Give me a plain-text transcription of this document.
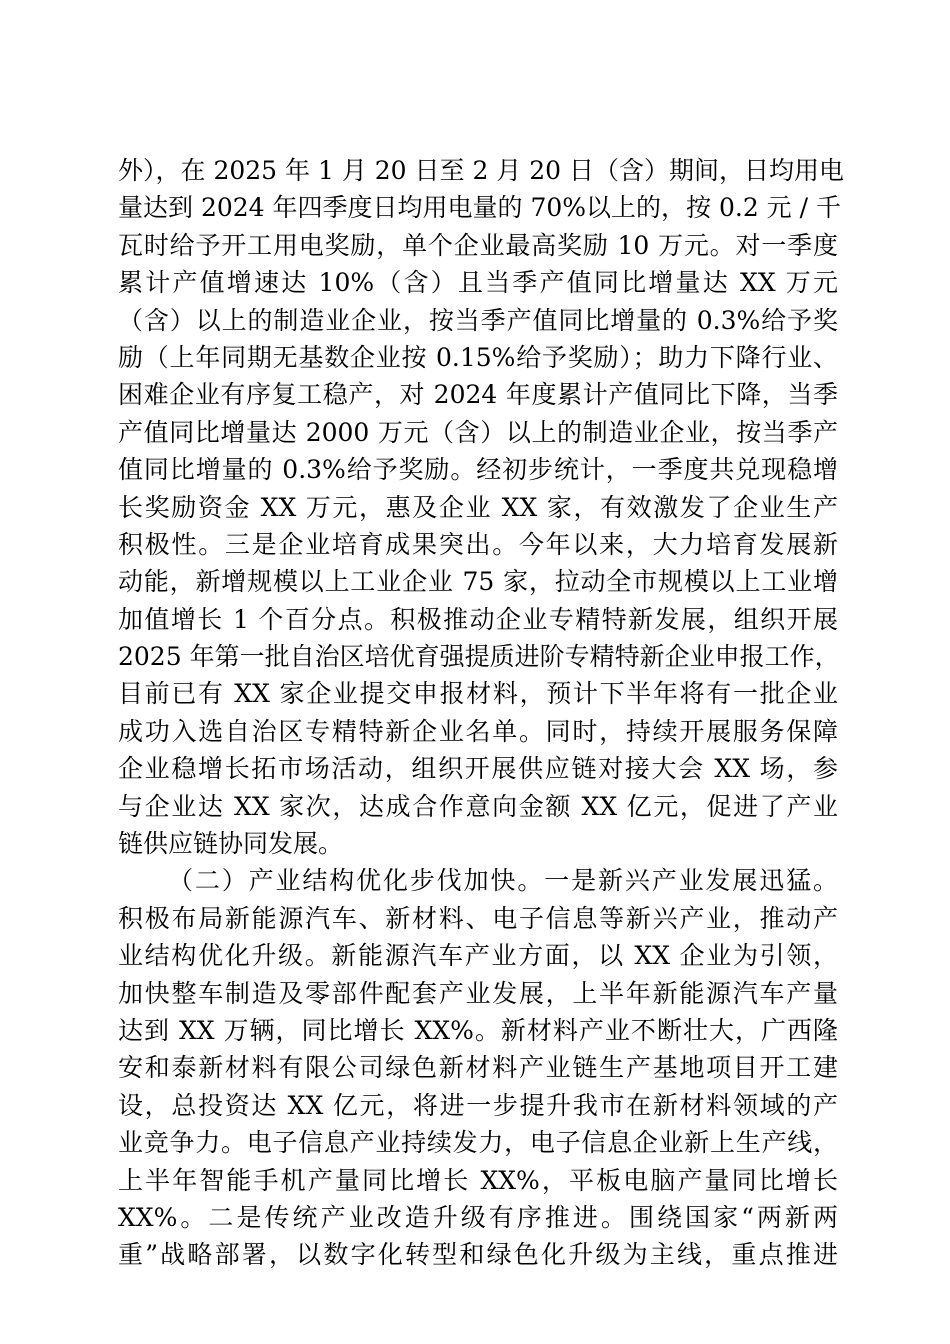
外），在 2025 年 1 月 20 日至 2 月 20 日（含）期间，日均用电
量达到 2024 年四季度日均用电量的 70%以上的，按 0.2 元 / 千
瓦时给予开工用电奖励，单个企业最高奖励 10 万元。对一季度
累计产值增速达 10%（含）且当季产值同比增量达 XX 万元
（含）以上的制造业企业，按当季产值同比增量的 0.3%给予奖
励（上年同期无基数企业按 0.15%给予奖励）；助力下降行业、
困难企业有序复工稳产，对 2024 年度累计产值同比下降，当季
产值同比增量达 2000 万元（含）以上的制造业企业，按当季产
值同比增量的 0.3%给予奖励。经初步统计，一季度共兑现稳增
长奖励资金 XX 万元，惠及企业 XX 家，有效激发了企业生产
积极性。三是企业培育成果突出。今年以来，大力培育发展新
动能，新增规模以上工业企业 75 家，拉动全市规模以上工业增
加值增长 1 个百分点。积极推动企业专精特新发展，组织开展
2025 年第一批自治区培优育强提质进阶专精特新企业申报工作，
目前已有 XX 家企业提交申报材料，预计下半年将有一批企业
成功入选自治区专精特新企业名单。同时，持续开展服务保障
企业稳增长拓市场活动，组织开展供应链对接大会 XX 场，参
与企业达 XX 家次，达成合作意向金额 XX 亿元，促进了产业
链供应链协同发展。
（二）产业结构优化步伐加快。一是新兴产业发展迅猛。
积极布局新能源汽车、新材料、电子信息等新兴产业，推动产
业结构优化升级。新能源汽车产业方面，以 XX 企业为引领，
加快整车制造及零部件配套产业发展，上半年新能源汽车产量
达到 XX 万辆，同比增长 XX%。新材料产业不断壮大，广西隆
安和泰新材料有限公司绿色新材料产业链生产基地项目开工建
设，总投资达 XX 亿元，将进一步提升我市在新材料领域的产
业竞争力。电子信息产业持续发力，电子信息企业新上生产线，
上半年智能手机产量同比增长 XX%，平板电脑产量同比增长
XX%。二是传统产业改造升级有序推进。围绕国家“两新两
重”战略部署，以数字化转型和绿色化升级为主线，重点推进
